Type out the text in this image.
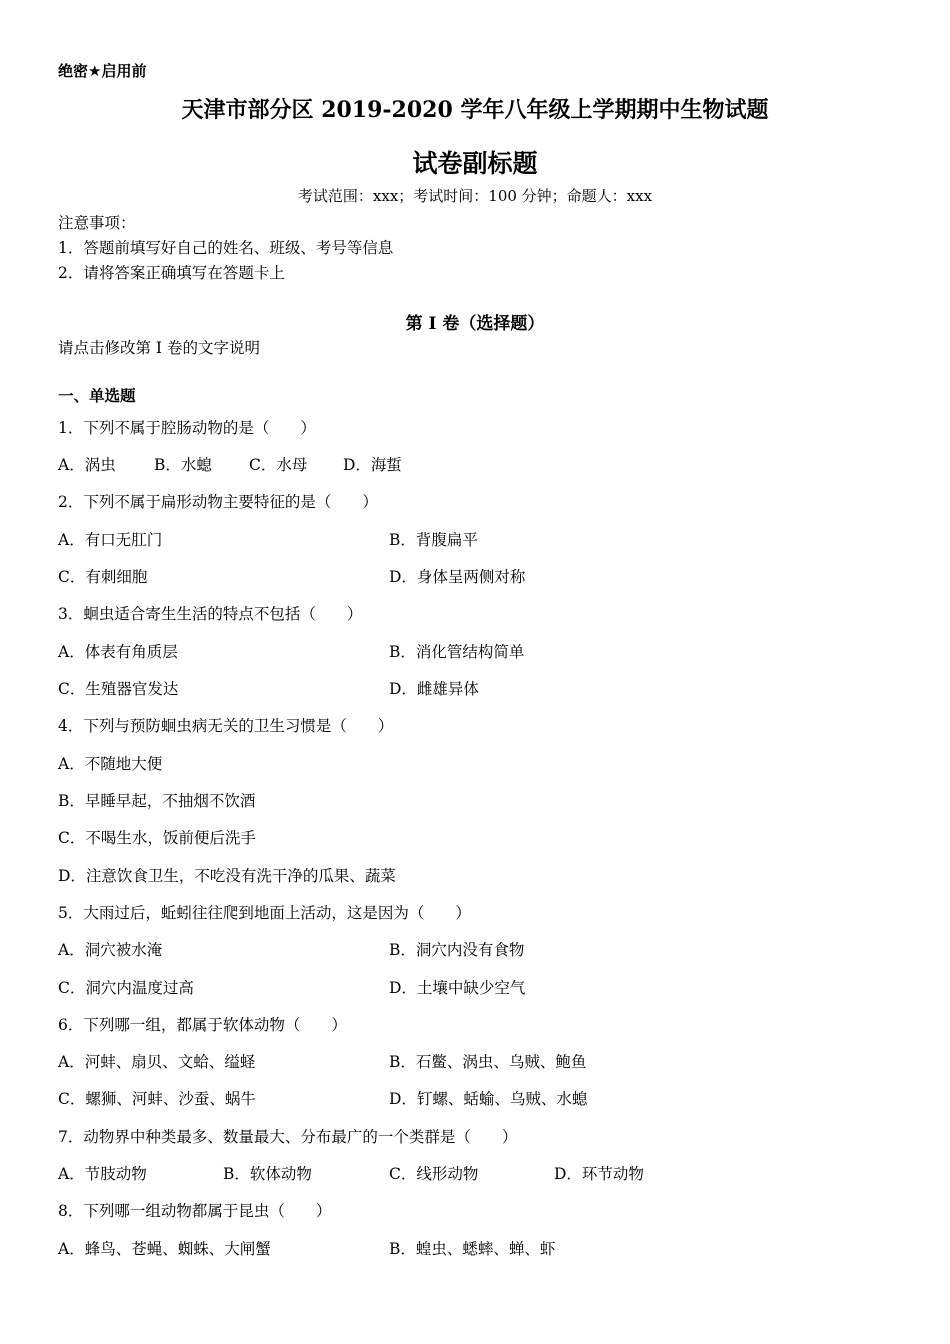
绝密★启用前
天津市部分区 2019-2020 学年八年级上学期期中生物试题
试卷副标题
考试范围：xxx；考试时间：100 分钟；命题人：xxx
注意事项：
1．答题前填写好自己的姓名、班级、考号等信息
2．请将答案正确填写在答题卡上
第 I 卷（选择题）
请点击修改第 I 卷的文字说明
一、单选题
1．下列不属于腔肠动物的是（　　）
A．涡虫 B．水螅 C．水母 D．海蜇
2．下列不属于扁形动物主要特征的是（　　）
A．有口无肛门	B．背腹扁平
C．有刺细胞	D．身体呈两侧对称
3．蛔虫适合寄生生活的特点不包括（　　）
A．体表有角质层	B．消化管结构简单
C．生殖器官发达	D．雌雄异体
4．下列与预防蛔虫病无关的卫生习惯是（　　）
A．不随地大便
B．早睡早起，不抽烟不饮酒
C．不喝生水，饭前便后洗手
D．注意饮食卫生，不吃没有洗干净的瓜果、蔬菜
5．大雨过后，蚯蚓往往爬到地面上活动，这是因为（　　）
A．洞穴被水淹	B．洞穴内没有食物
C．洞穴内温度过高	D．土壤中缺少空气
6．下列哪一组，都属于软体动物（　　）
A．河蚌、扇贝、文蛤、缢蛏	B．石鳖、涡虫、乌贼、鲍鱼
C．螺狮、河蚌、沙蚕、蜗牛	D．钉螺、蛞蝓、乌贼、水螅
7．动物界中种类最多、数量最大、分布最广的一个类群是（　　）
A．节肢动物	B．软体动物	C．线形动物	D．环节动物
8．下列哪一组动物都属于昆虫（　　）
A．蜂鸟、苍蝇、蜘蛛、大闸蟹	B．蝗虫、蟋蟀、蝉、虾
